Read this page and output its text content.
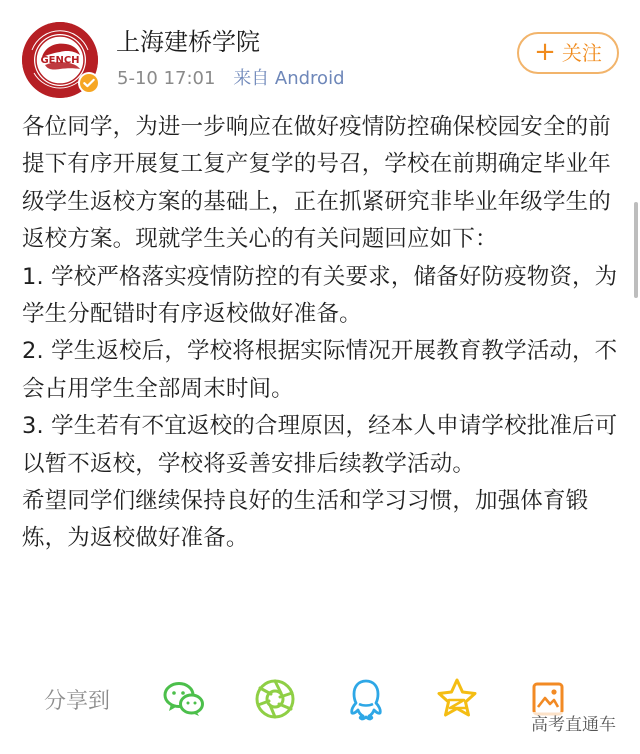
GENCH
上海建桥学院
5-10 17:01 来自 Android
+ 关注

各位同学，为进一步响应在做好疫情防控确保校园安全的前提下有序开展复工复产复学的号召，学校在前期确定毕业年级学生返校方案的基础上，正在抓紧研究非毕业年级学生的返校方案。现就学生关心的有关问题回应如下：

1. 学校严格落实疫情防控的有关要求，储备好防疫物资，为学生分配错时有序返校做好准备。

2. 学生返校后，学校将根据实际情况开展教育教学活动，不会占用学生全部周末时间。

3. 学生若有不宜返校的合理原因，经本人申请学校批准后可以暂不返校，学校将妥善安排后续教学活动。

希望同学们继续保持良好的生活和学习习惯，加强体育锻炼，为返校做好准备。

分享到
高考直通车
